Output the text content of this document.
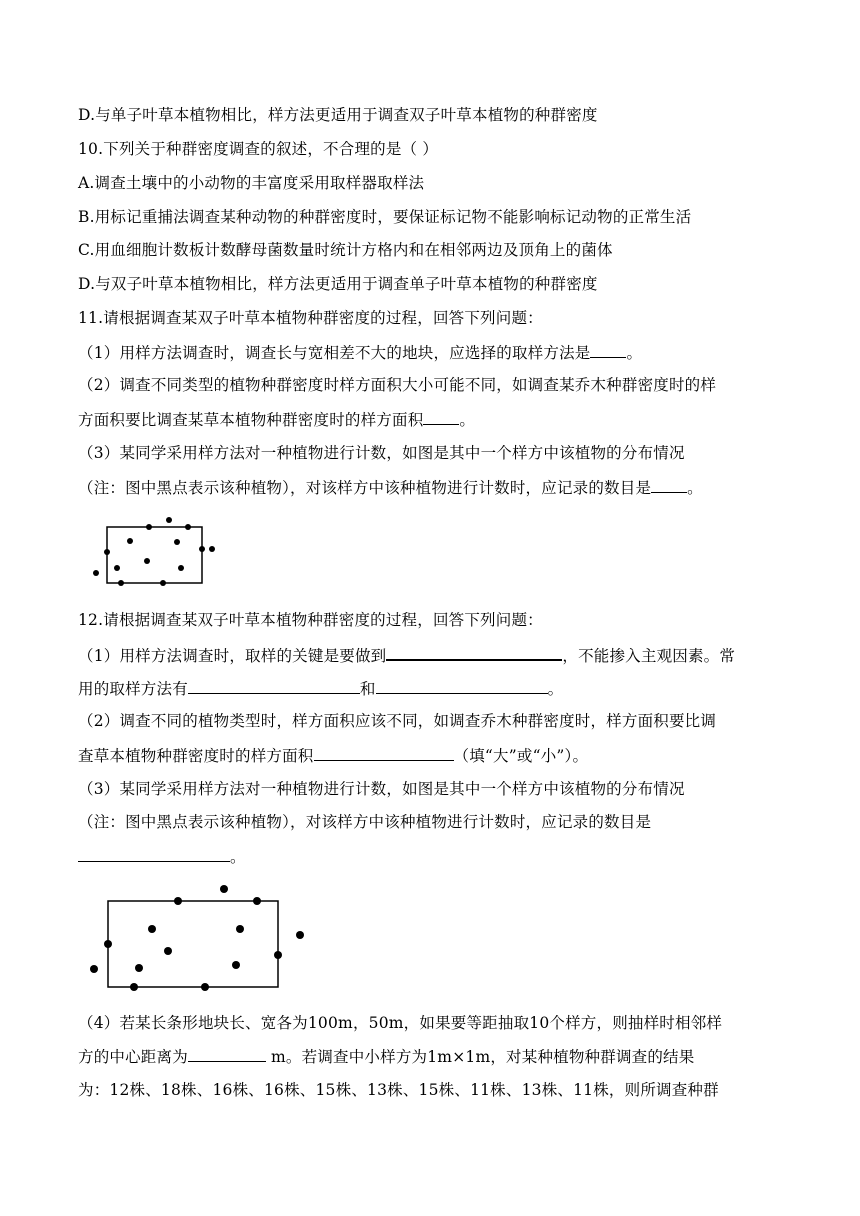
D.与单子叶草本植物相比，样方法更适用于调查双子叶草本植物的种群密度
10.下列关于种群密度调查的叙述，不合理的是（ ）
A.调查土壤中的小动物的丰富度采用取样器取样法
B.用标记重捕法调查某种动物的种群密度时，要保证标记物不能影响标记动物的正常生活
C.用血细胞计数板计数酵母菌数量时统计方格内和在相邻两边及顶角上的菌体
D.与双子叶草本植物相比，样方法更适用于调查单子叶草本植物的种群密度
11.请根据调查某双子叶草本植物种群密度的过程，回答下列问题：
（1）用样方法调查时，调查长与宽相差不大的地块，应选择的取样方法是 。
（2）调查不同类型的植物种群密度时样方面积大小可能不同，如调查某乔木种群密度时的样
方面积要比调查某草本植物种群密度时的样方面积 。
（3）某同学采用样方法对一种植物进行计数，如图是其中一个样方中该植物的分布情况
（注：图中黑点表示该种植物），对该样方中该种植物进行计数时，应记录的数目是 。
12.请根据调查某双子叶草本植物种群密度的过程，回答下列问题：
（1）用样方法调查时，取样的关键是要做到	，不能掺入主观因素。常
用的取样方法有	和	。
（2）调查不同的植物类型时，样方面积应该不同，如调查乔木种群密度时，样方面积要比调
查草本植物种群密度时的样方面积	（填“大”或“小”）。
（3）某同学采用样方法对一种植物进行计数，如图是其中一个样方中该植物的分布情况
（注：图中黑点表示该种植物），对该样方中该种植物进行计数时，应记录的数目是
。
（4）若某长条形地块长、宽各为100m，50m，如果要等距抽取10个样方，则抽样时相邻样
方的中心距离为	m。若调查中小样方为1m×1m，对某种植物种群调查的结果
为：12株、18株、16株、16株、15株、13株、15株、11株、13株、11株，则所调查种群
